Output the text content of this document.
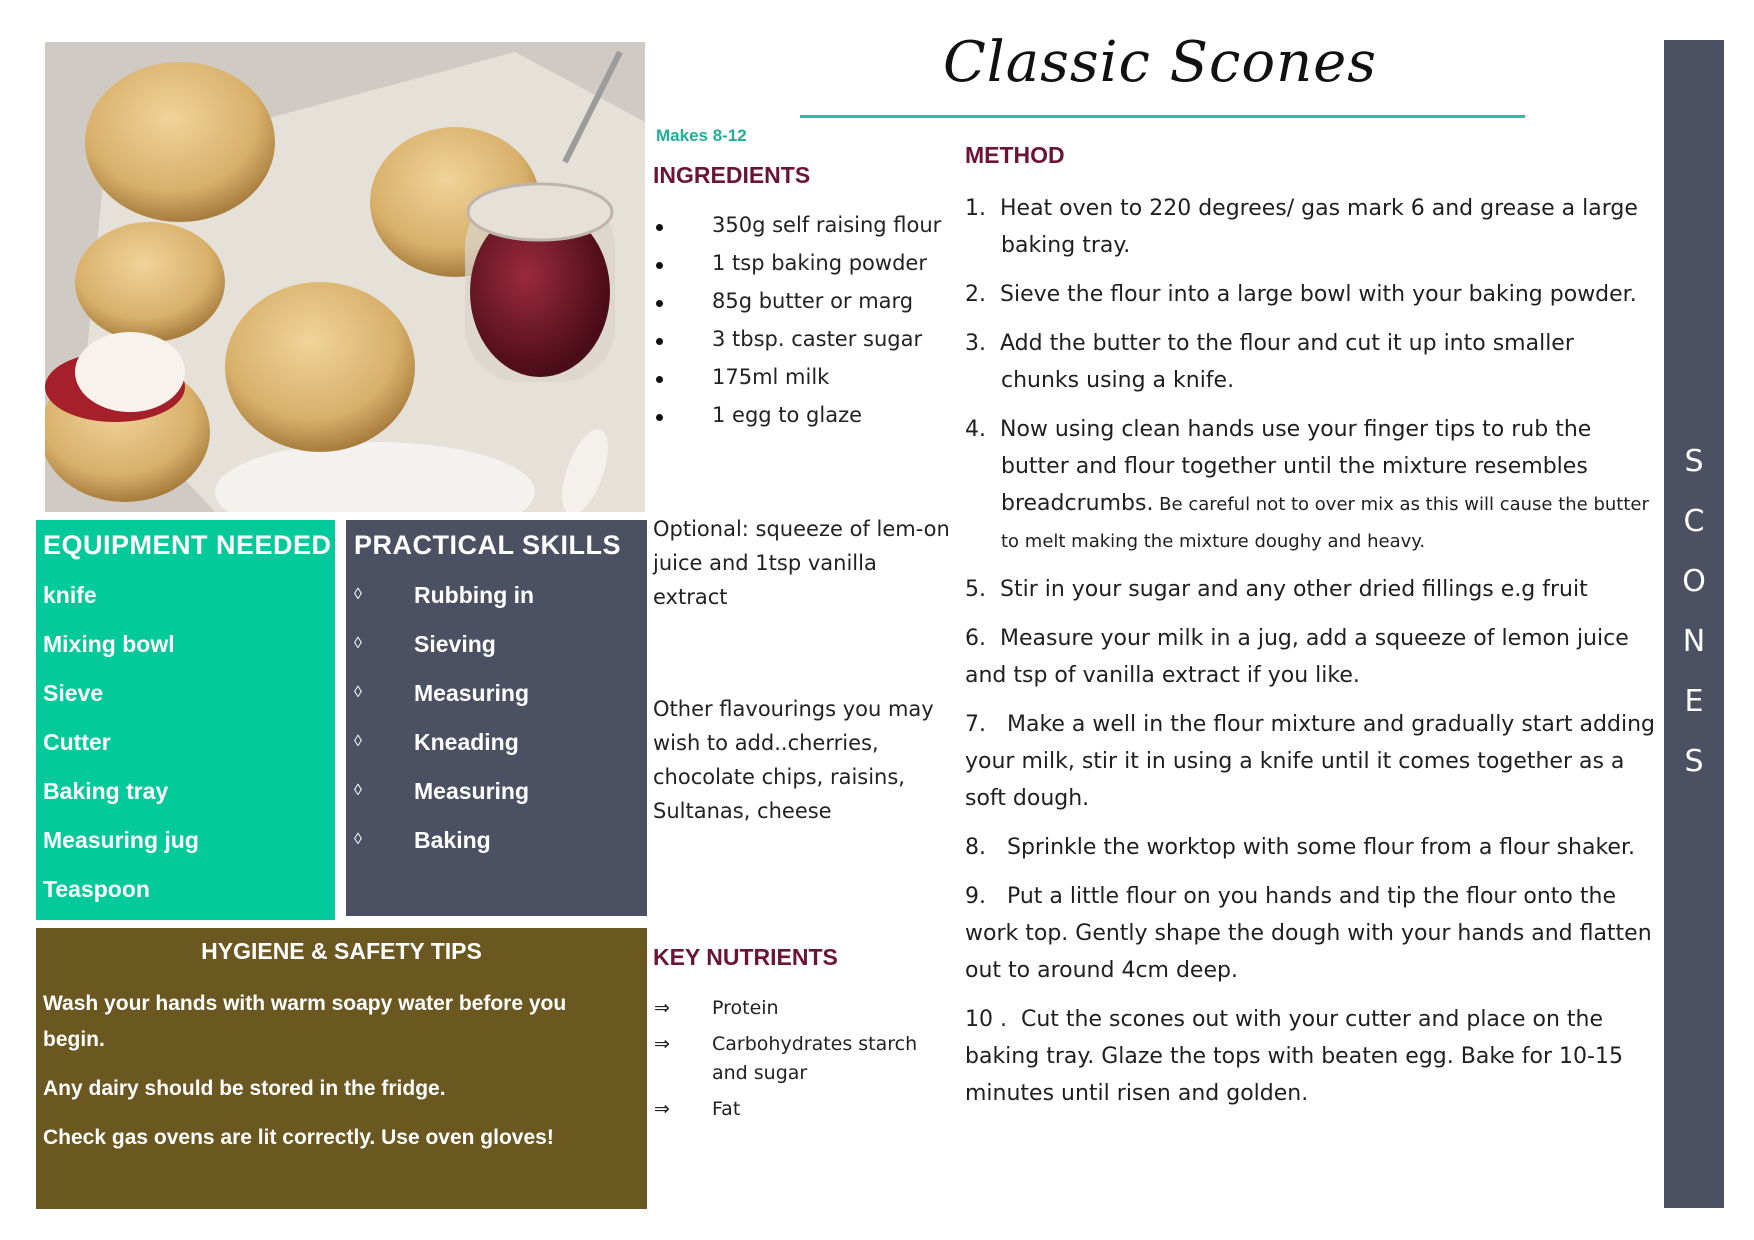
Classic Scones
Makes 8-12
INGREDIENTS
350g self raising flour
1 tsp baking powder
85g butter or marg
3 tbsp. caster sugar
175ml milk
1 egg to glaze
Optional: squeeze of lem-on juice and 1tsp vanilla extract
Other flavourings you may wish to add..cherries, chocolate chips, raisins, Sultanas, cheese
KEY NUTRIENTS
⇒ Protein
⇒ Carbohydrates starch and sugar
⇒ Fat
METHOD
1. Heat oven to 220 degrees/ gas mark 6 and grease a large baking tray.
2. Sieve the flour into a large bowl with your baking powder.
3. Add the butter to the flour and cut it up into smaller chunks using a knife.
4. Now using clean hands use your finger tips to rub the butter and flour together until the mixture resembles breadcrumbs. Be careful not to over mix as this will cause the butter to melt making the mixture doughy and heavy.
5. Stir in your sugar and any other dried fillings e.g fruit
6. Measure your milk in a jug, add a squeeze of lemon juice and tsp of vanilla extract if you like.
7. Make a well in the flour mixture and gradually start adding your milk, stir it in using a knife until it comes together as a soft dough.
8. Sprinkle the worktop with some flour from a flour shaker.
9. Put a little flour on you hands and tip the flour onto the work top. Gently shape the dough with your hands and flatten out to around 4cm deep.
10 . Cut the scones out with your cutter and place on the baking tray. Glaze the tops with beaten egg. Bake for 10-15 minutes until risen and golden.
S
C
O
N
E
S
EQUIPMENT NEEDED
knife
Mixing bowl
Sieve
Cutter
Baking tray
Measuring jug
Teaspoon
PRACTICAL SKILLS
◊ Rubbing in
◊ Sieving
◊ Measuring
◊ Kneading
◊ Measuring
◊ Baking
HYGIENE & SAFETY TIPS

Wash your hands with warm soapy water before you begin.

Any dairy should be stored in the fridge.

Check gas ovens are lit correctly. Use oven gloves!
